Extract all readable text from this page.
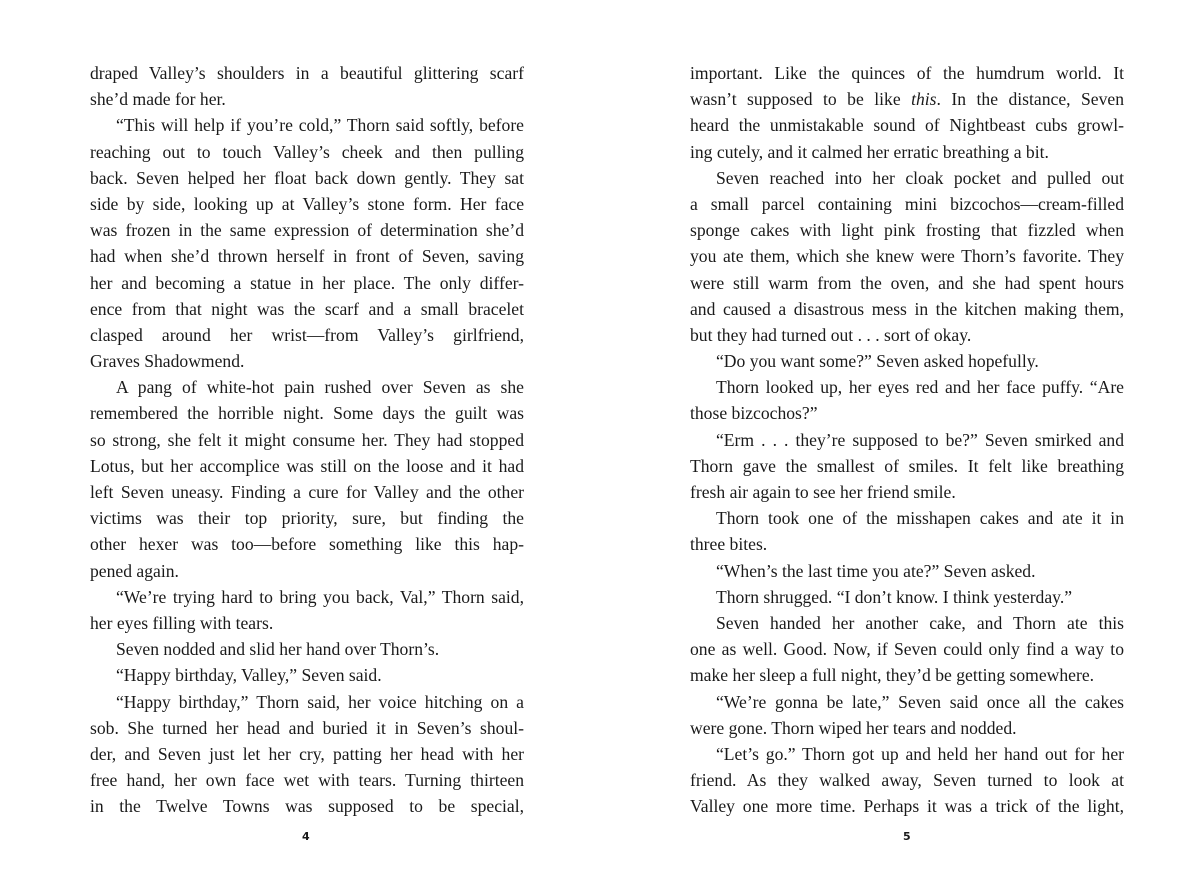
draped Valley’s shoulders in a beautiful glittering scarf
she’d made for her.
“This will help if you’re cold,” Thorn said softly, before
reaching out to touch Valley’s cheek and then pulling
back. Seven helped her float back down gently. They sat
side by side, looking up at Valley’s stone form. Her face
was frozen in the same expression of determination she’d
had when she’d thrown herself in front of Seven, saving
her and becoming a statue in her place. The only differ-
ence from that night was the scarf and a small bracelet
clasped around her wrist—from Valley’s girlfriend,
Graves Shadowmend.
A pang of white-hot pain rushed over Seven as she
remembered the horrible night. Some days the guilt was
so strong, she felt it might consume her. They had stopped
Lotus, but her accomplice was still on the loose and it had
left Seven uneasy. Finding a cure for Valley and the other
victims was their top priority, sure, but finding the
other hexer was too—before something like this hap-
pened again.
“We’re trying hard to bring you back, Val,” Thorn said,
her eyes filling with tears.
Seven nodded and slid her hand over Thorn’s.
“Happy birthday, Valley,” Seven said.
“Happy birthday,” Thorn said, her voice hitching on a
sob. She turned her head and buried it in Seven’s shoul-
der, and Seven just let her cry, patting her head with her
free hand, her own face wet with tears. Turning thirteen
in the Twelve Towns was supposed to be special,
4
important. Like the quinces of the humdrum world. It
wasn’t supposed to be like this. In the distance, Seven
heard the unmistakable sound of Nightbeast cubs growl-
ing cutely, and it calmed her erratic breathing a bit.
Seven reached into her cloak pocket and pulled out
a small parcel containing mini bizcochos—cream-filled
sponge cakes with light pink frosting that fizzled when
you ate them, which she knew were Thorn’s favorite. They
were still warm from the oven, and she had spent hours
and caused a disastrous mess in the kitchen making them,
but they had turned out . . . sort of okay.
“Do you want some?” Seven asked hopefully.
Thorn looked up, her eyes red and her face puffy. “Are
those bizcochos?”
“Erm . . . they’re supposed to be?” Seven smirked and
Thorn gave the smallest of smiles. It felt like breathing
fresh air again to see her friend smile.
Thorn took one of the misshapen cakes and ate it in
three bites.
“When’s the last time you ate?” Seven asked.
Thorn shrugged. “I don’t know. I think yesterday.”
Seven handed her another cake, and Thorn ate this
one as well. Good. Now, if Seven could only find a way to
make her sleep a full night, they’d be getting somewhere.
“We’re gonna be late,” Seven said once all the cakes
were gone. Thorn wiped her tears and nodded.
“Let’s go.” Thorn got up and held her hand out for her
friend. As they walked away, Seven turned to look at
Valley one more time. Perhaps it was a trick of the light,
5
